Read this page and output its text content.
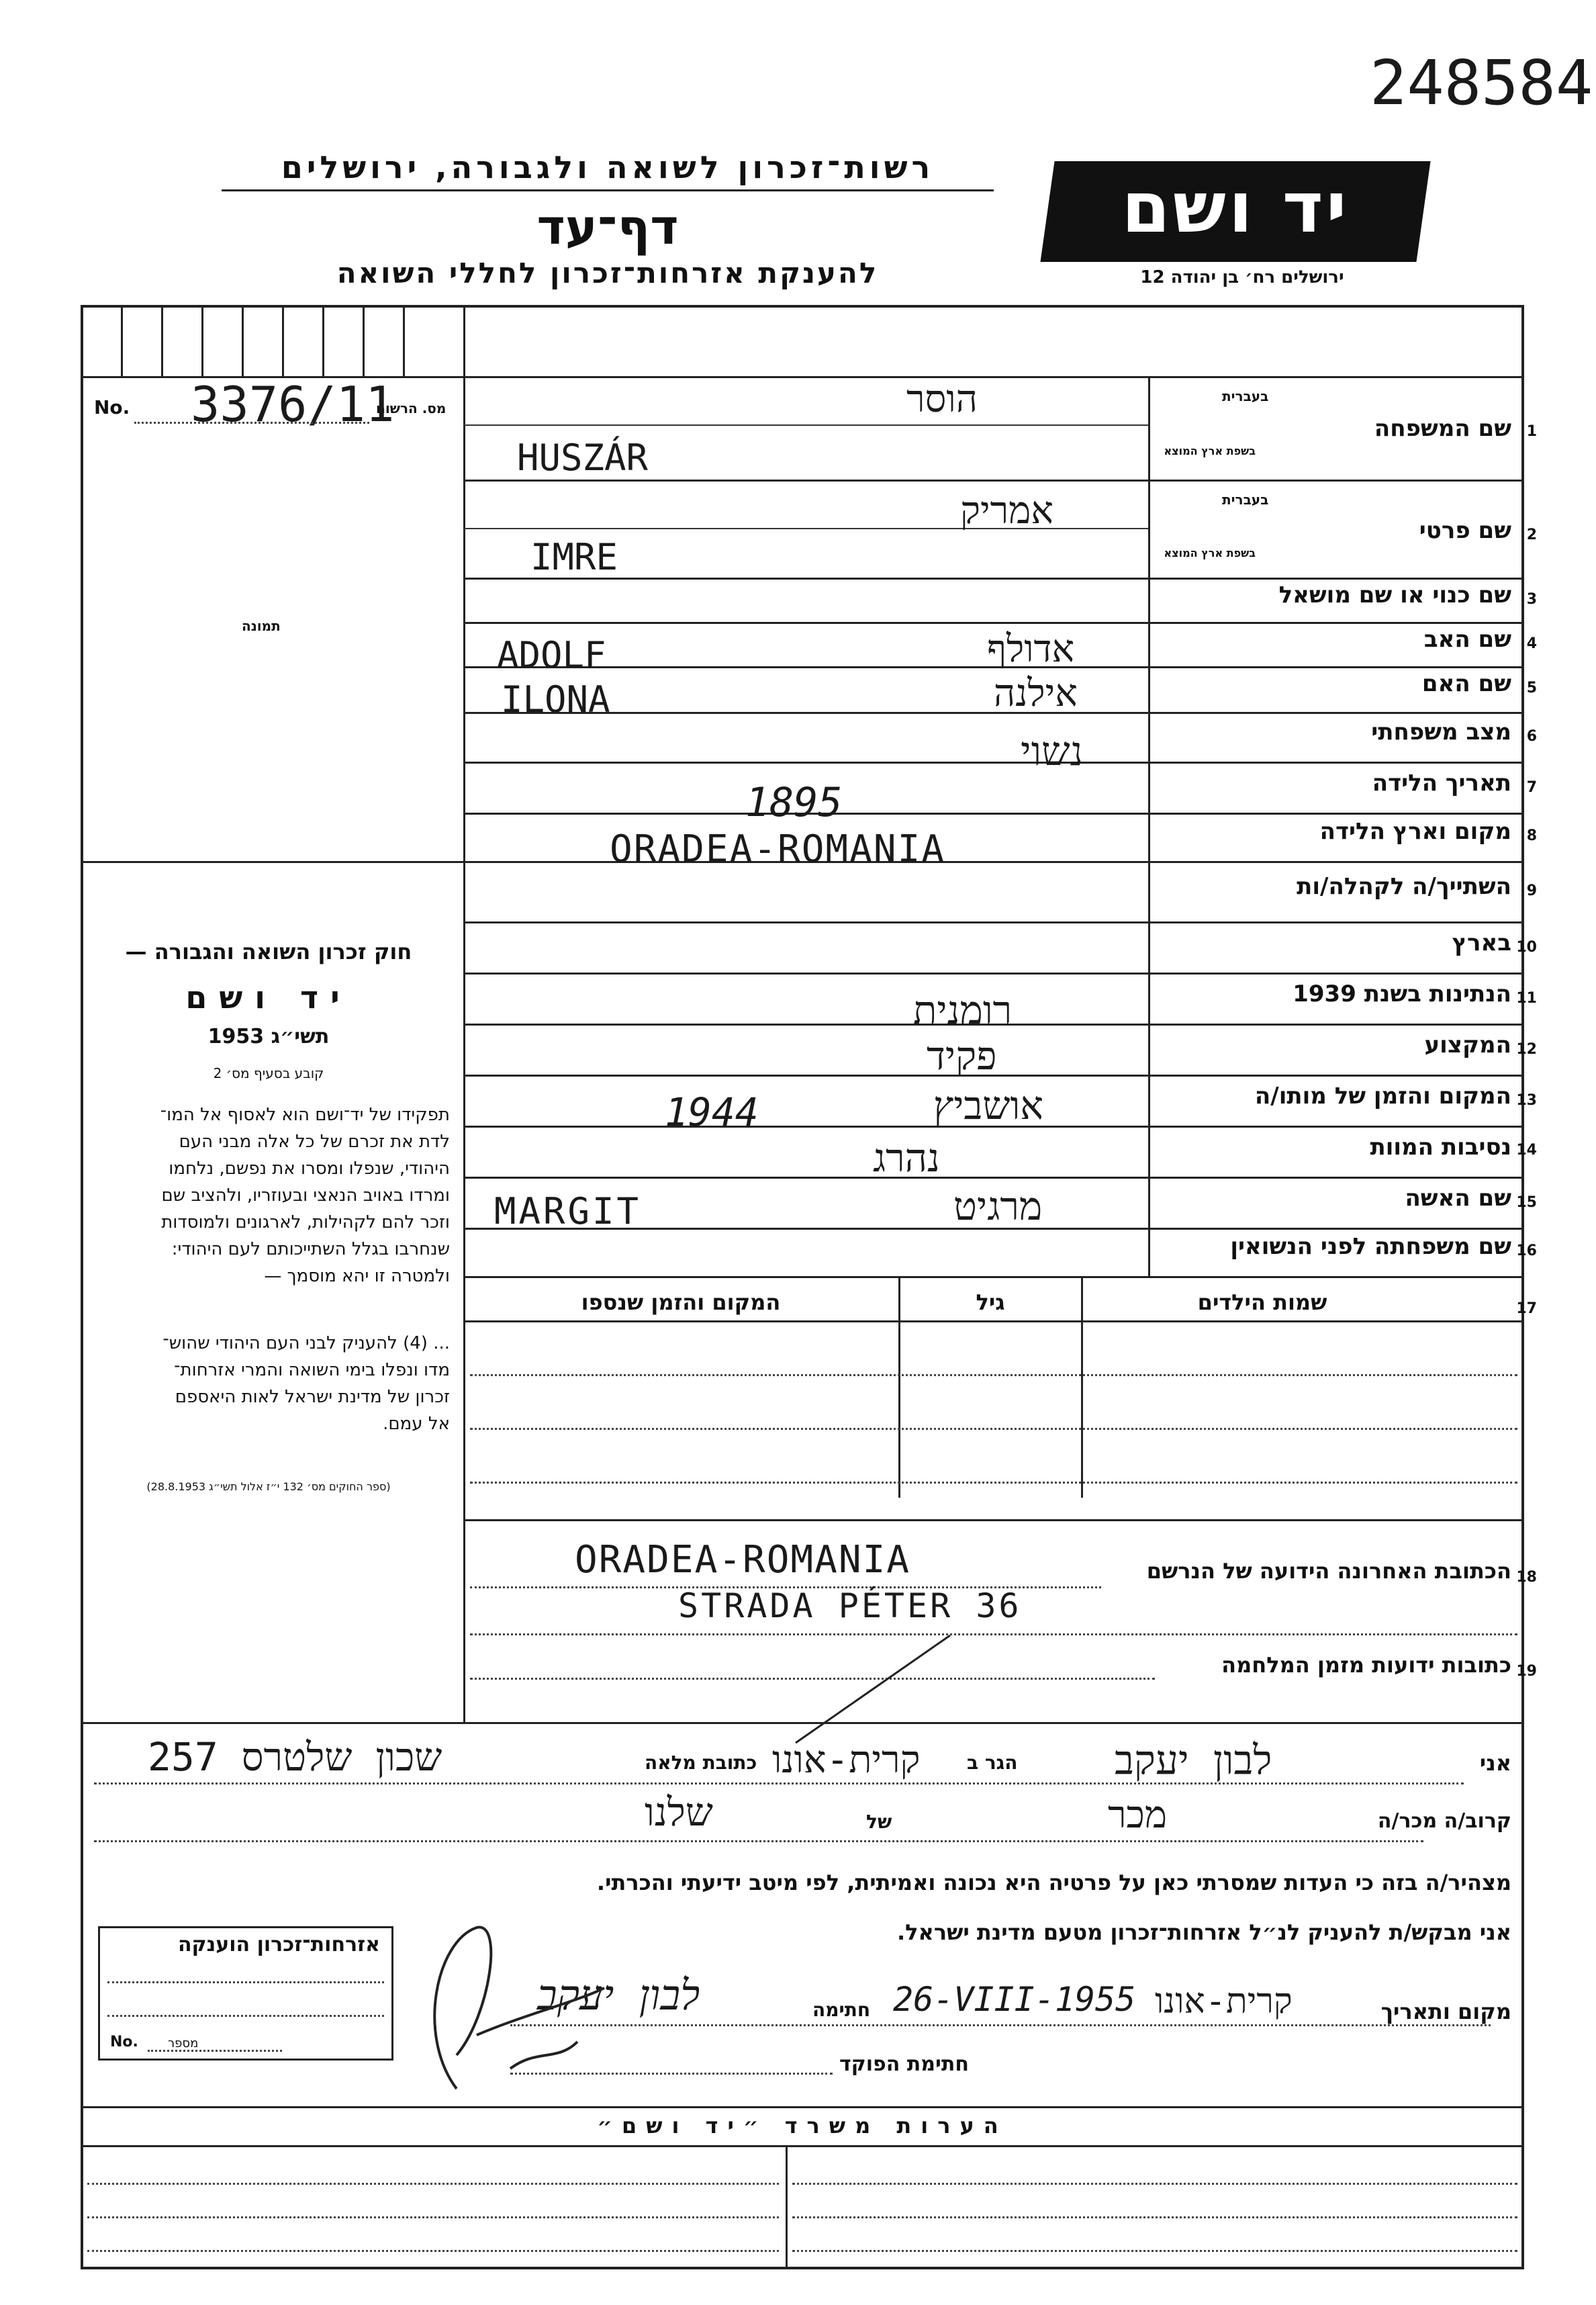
248584
רשות־זכרון לשואה ולגבורה, ירושלים
דף־עד
להענקת אזרחות־זכרון לחללי השואה
יד ושם
ירושלים רח׳ בן יהודה 12
No.	מס. הרשום
3376/11
תמונה
חוק זכרון השואה והגבורה —
יד ושם
תשי״ג 1953
קובע בסעיף מס׳ 2
תפקידו של יד־ושם הוא לאסוף אל המו־
לדת את זכרם של כל אלה מבני העם
היהודי, שנפלו ומסרו את נפשם, נלחמו
ומרדו באויב הנאצי ובעוזריו, ולהציב שם
וזכר להם לקהילות, לארגונים ולמוסדות
שנחרבו בגלל השתייכותם לעם היהודי:
ולמטרה זו יהא מוסמך —
... (4) להעניק לבני העם היהודי שהוש־
מדו ונפלו בימי השואה והמרי אזרחות־
זכרון של מדינת ישראל לאות היאספם
אל עמם.
(ספר החוקים מס׳ 132 י״ז אלול תשי״ג 28.8.1953)
1
שם המשפחה
בעברית
בשפת ארץ המוצא
הוסר
HUSZÁR
2
שם פרטי
בעברית
בשפת ארץ המוצא
אמריק
IMRE
3
שם כנוי או שם מושאל
4
שם האב
ADOLF	אדולף
5
שם האם
ILONA	אילנה
6
מצב משפחתי
נשוי
7
תאריך הלידה
1895
8
מקום וארץ הלידה
ORADEA-ROMANIA
9
השתייך/ה לקהלה/ות
10
בארץ
11
הנתינות בשנת 1939
רומנית
12
המקצוע
פקיד
13
המקום והזמן של מותו/ה
1944	אושביץ
14
נסיבות המוות
נהרג
15
שם האשה
MARGIT	מרגיט
16
שם משפחתה לפני הנשואין
17
שמות הילדים
גיל
המקום והזמן שנספו
18
הכתובת האחרונה הידועה של הנרשם
ORADEA-ROMANIA
STRADA PÉTER 36
19
כתובות ידועות מזמן המלחמה
אני
לבון יעקב
הגר ב
קרית-אונו
כתובת מלאה
שכון שלטרס 257
קרוב/ה מכר/ה
מכר
של
שלנו
מצהיר/ה בזה כי העדות שמסרתי כאן על פרטיה היא נכונה ואמיתית, לפי מיטב ידיעתי והכרתי.
אני מבקש/ת להעניק לנ״ל אזרחות־זכרון מטעם מדינת ישראל.
מקום ותאריך
קרית-אונו
26-VIII-1955
חתימה
לבון יעקב
חתימת הפוקד
אזרחות־זכרון הוענקה
No. מספר
הערות משרד ״יד ושם״
